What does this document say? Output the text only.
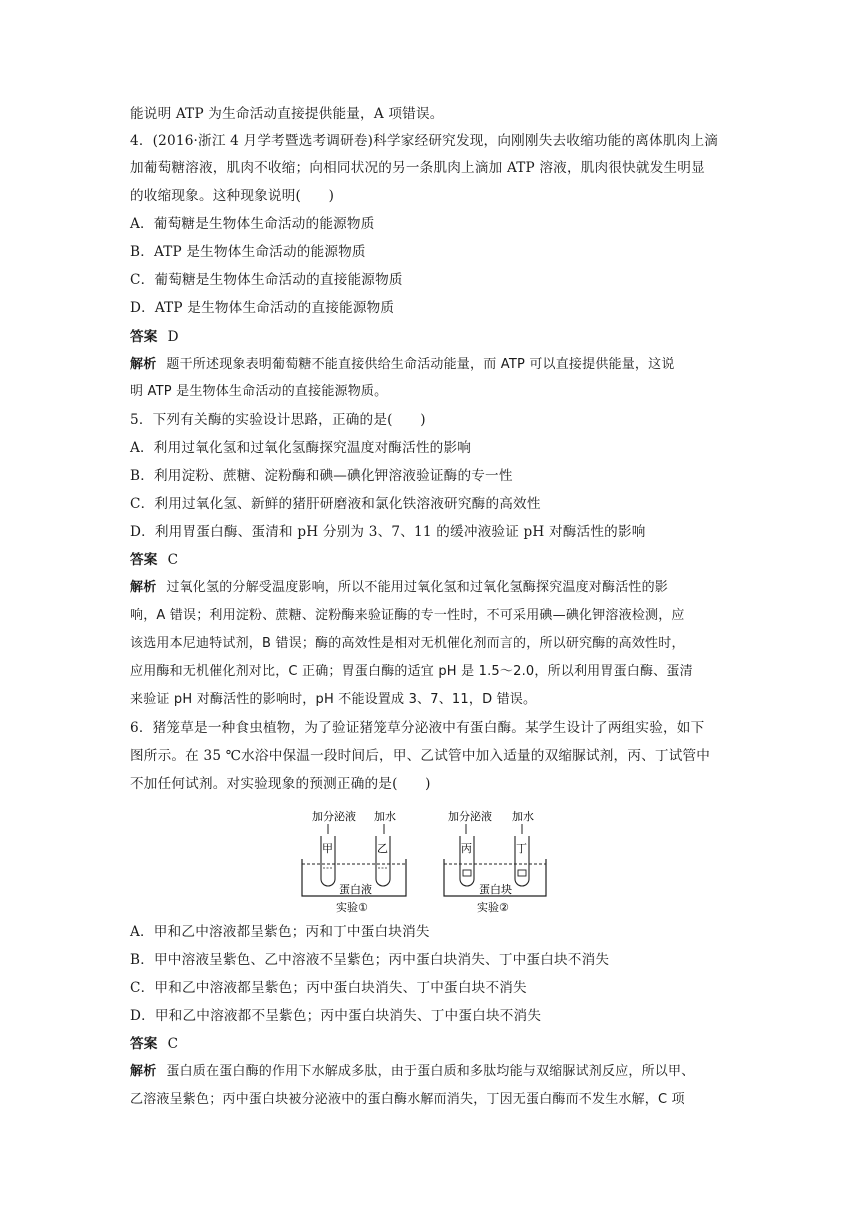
能说明 ATP 为生命活动直接提供能量，A 项错误。
4．(2016·浙江 4 月学考暨选考调研卷)科学家经研究发现，向刚刚失去收缩功能的离体肌肉上滴
加葡萄糖溶液，肌肉不收缩；向相同状况的另一条肌肉上滴加 ATP 溶液，肌肉很快就发生明显
的收缩现象。这种现象说明(　　)
A．葡萄糖是生物体生命活动的能源物质
B．ATP 是生物体生命活动的能源物质
C．葡萄糖是生物体生命活动的直接能源物质
D．ATP 是生物体生命活动的直接能源物质
答案 D
解析 题干所述现象表明葡萄糖不能直接供给生命活动能量，而 ATP 可以直接提供能量，这说
明 ATP 是生物体生命活动的直接能源物质。
5．下列有关酶的实验设计思路，正确的是(　　)
A．利用过氧化氢和过氧化氢酶探究温度对酶活性的影响
B．利用淀粉、蔗糖、淀粉酶和碘—碘化钾溶液验证酶的专一性
C．利用过氧化氢、新鲜的猪肝研磨液和氯化铁溶液研究酶的高效性
D．利用胃蛋白酶、蛋清和 pH 分别为 3、7、11 的缓冲液验证 pH 对酶活性的影响
答案 C
解析 过氧化氢的分解受温度影响，所以不能用过氧化氢和过氧化氢酶探究温度对酶活性的影
响，A 错误；利用淀粉、蔗糖、淀粉酶来验证酶的专一性时，不可采用碘—碘化钾溶液检测，应
该选用本尼迪特试剂，B 错误；酶的高效性是相对无机催化剂而言的，所以研究酶的高效性时，
应用酶和无机催化剂对比，C 正确；胃蛋白酶的适宜 pH 是 1.5～2.0，所以利用胃蛋白酶、蛋清
来验证 pH 对酶活性的影响时，pH 不能设置成 3、7、11，D 错误。
6．猪笼草是一种食虫植物，为了验证猪笼草分泌液中有蛋白酶。某学生设计了两组实验，如下
图所示。在 35 ℃水浴中保温一段时间后，甲、乙试管中加入适量的双缩脲试剂，丙、丁试管中
不加任何试剂。对实验现象的预测正确的是(　　)
加分泌液 加水
甲	乙
蛋白液
实验①
加分泌液 加水
丙	丁
蛋白块
实验②
A．甲和乙中溶液都呈紫色；丙和丁中蛋白块消失
B．甲中溶液呈紫色、乙中溶液不呈紫色；丙中蛋白块消失、丁中蛋白块不消失
C．甲和乙中溶液都呈紫色；丙中蛋白块消失、丁中蛋白块不消失
D．甲和乙中溶液都不呈紫色；丙中蛋白块消失、丁中蛋白块不消失
答案 C
解析 蛋白质在蛋白酶的作用下水解成多肽，由于蛋白质和多肽均能与双缩脲试剂反应，所以甲、
乙溶液呈紫色；丙中蛋白块被分泌液中的蛋白酶水解而消失，丁因无蛋白酶而不发生水解，C 项
